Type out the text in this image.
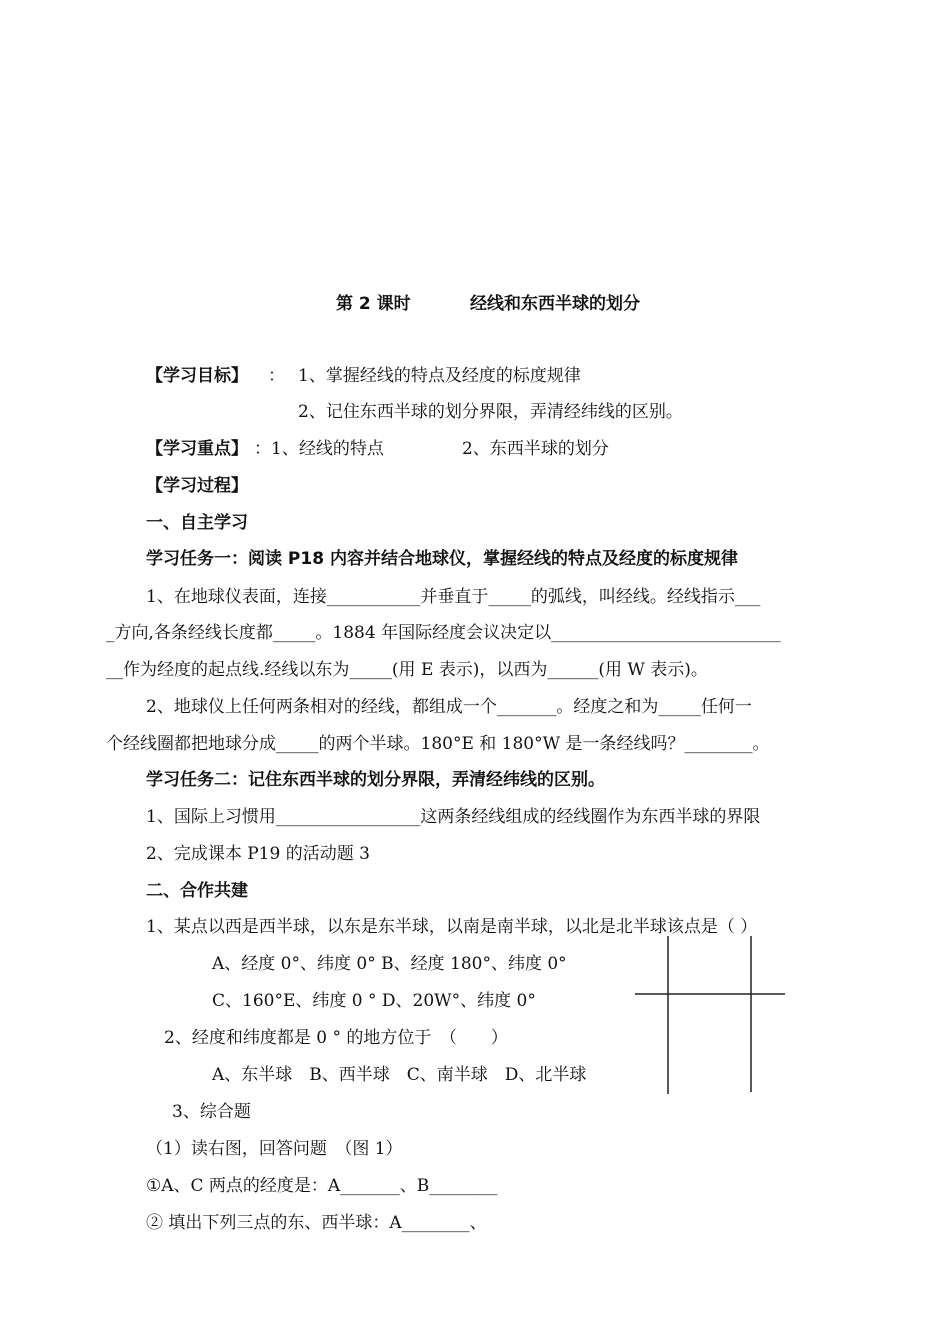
第 2 课时	经线和东西半球的划分
【学习目标】 ： 1、掌握经线的特点及经度的标度规律
2、记住东西半球的划分界限，弄清经纬线的区别。
【学习重点】 ：1、经线的特点	2、东西半球的划分
【学习过程】
一、自主学习
学习任务一：阅读 P18 内容并结合地球仪，掌握经线的特点及经度的标度规律
1、在地球仪表面，连接___________并垂直于_____的弧线，叫经线。经线指示___
_方向,各条经线长度都_____。1884 年国际经度会议决定以___________________________
__作为经度的起点线.经线以东为_____(用 E 表示)，以西为______(用 W 表示)。
2、地球仪上任何两条相对的经线，都组成一个_______。经度之和为_____任何一
个经线圈都把地球分成_____的两个半球。180°E 和 180°W 是一条经线吗？________。
学习任务二：记住东西半球的划分界限，弄清经纬线的区别。
1、国际上习惯用_________________这两条经线组成的经线圈作为东西半球的界限
2、完成课本 P19 的活动题 3
二、合作共建
1、某点以西是西半球，以东是东半球，以南是南半球，以北是北半球该点是（ ）
A、经度 0°、纬度 0° B、经度 180°、纬度 0°
C、160°E、纬度 0 ° D、20W°、纬度 0°
2、经度和纬度都是 0 ° 的地方位于　（　　）
A、东半球　B、西半球　C、南半球　D、北半球
3、综合题
（1）读右图，回答问题　（图 1）
①A、C 两点的经度是：A_______、B________
② 填出下列三点的东、西半球：A________、
